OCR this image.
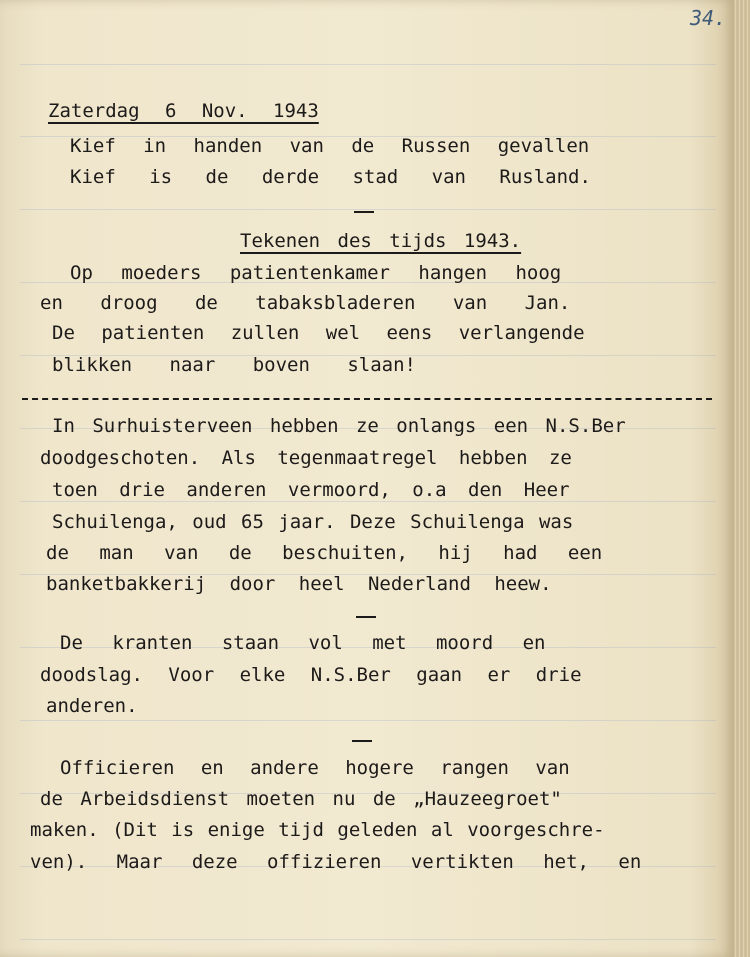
34.
Zaterdag 6 Nov. 1943
Kief in handen van de Russen gevallen
Kief is de derde stad van Rusland.
Tekenen des tijds 1943.
Op moeders patientenkamer hangen hoog
en droog de tabaksbladeren van Jan.
De patienten zullen wel eens verlangende
blikken naar boven slaan!
In Surhuisterveen hebben ze onlangs een N.S.Ber
doodgeschoten. Als tegenmaatregel hebben ze
toen drie anderen vermoord, o.a den Heer
Schuilenga, oud 65 jaar. Deze Schuilenga was
de man van de beschuiten, hij had een
banketbakkerij door heel Nederland heew.
De kranten staan vol met moord en
doodslag. Voor elke N.S.Ber gaan er drie
anderen.
Officieren en andere hogere rangen van
de Arbeidsdienst moeten nu de „Hauzeegroet"
maken. (Dit is enige tijd geleden al voorgeschre-
ven). Maar deze offizieren vertikten het, en
